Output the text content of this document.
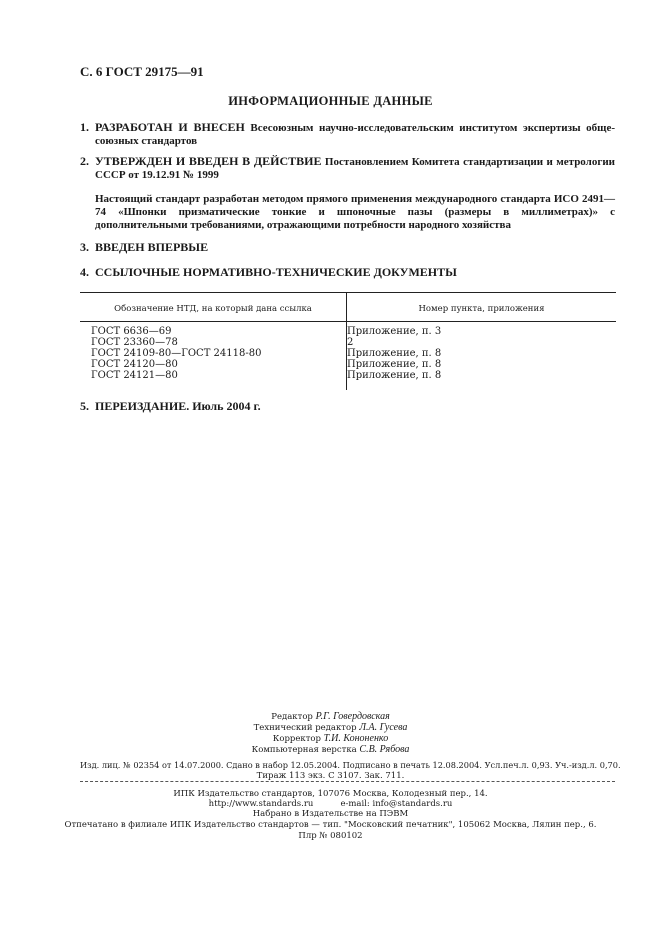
С. 6 ГОСТ 29175—91
ИНФОРМАЦИОННЫЕ ДАННЫЕ
1. РАЗРАБОТАН И ВНЕСЕН Всесоюзным научно-исследовательским институтом экспертизы обще-союзных стандартов
2. УТВЕРЖДЕН И ВВЕДЕН В ДЕЙСТВИЕ Постановлением Комитета стандартизации и метрологии СССР от 19.12.91 № 1999
Настоящий стандарт разработан методом прямого применения международного стандарта ИСО 2491—74 «Шпонки призматические тонкие и шпоночные пазы (размеры в миллиметрах)» с дополнительными требованиями, отражающими потребности народного хозяйства
3. ВВЕДЕН ВПЕРВЫЕ
4. ССЫЛОЧНЫЕ НОРМАТИВНО-ТЕХНИЧЕСКИЕ ДОКУМЕНТЫ
Обозначение НТД, на который дана ссылка	Номер пункта, приложения
ГОСТ 6636—69	Приложение, п. 3
ГОСТ 23360—78	2
ГОСТ 24109-80—ГОСТ 24118-80	Приложение, п. 8
ГОСТ 24120—80	Приложение, п. 8
ГОСТ 24121—80	Приложение, п. 8
5. ПЕРЕИЗДАНИЕ. Июль 2004 г.
Редактор Р.Г. Говердовская
Технический редактор Л.А. Гусева
Корректор Т.И. Кононенко
Компьютерная верстка С.В. Рябова
Изд. лиц. № 02354 от 14.07.2000. Сдано в набор 12.05.2004. Подписано в печать 12.08.2004. Усл.печ.л. 0,93. Уч.-изд.л. 0,70.
Тираж 113 экз. С 3107. Зак. 711.
ИПК Издательство стандартов, 107076 Москва, Колодезный пер., 14.
http://www.standards.ru	e-mail: info@standards.ru
Набрано в Издательстве на ПЭВМ
Отпечатано в филиале ИПК Издательство стандартов — тип. "Московский печатник", 105062 Москва, Лялин пер., 6.
Плр № 080102
